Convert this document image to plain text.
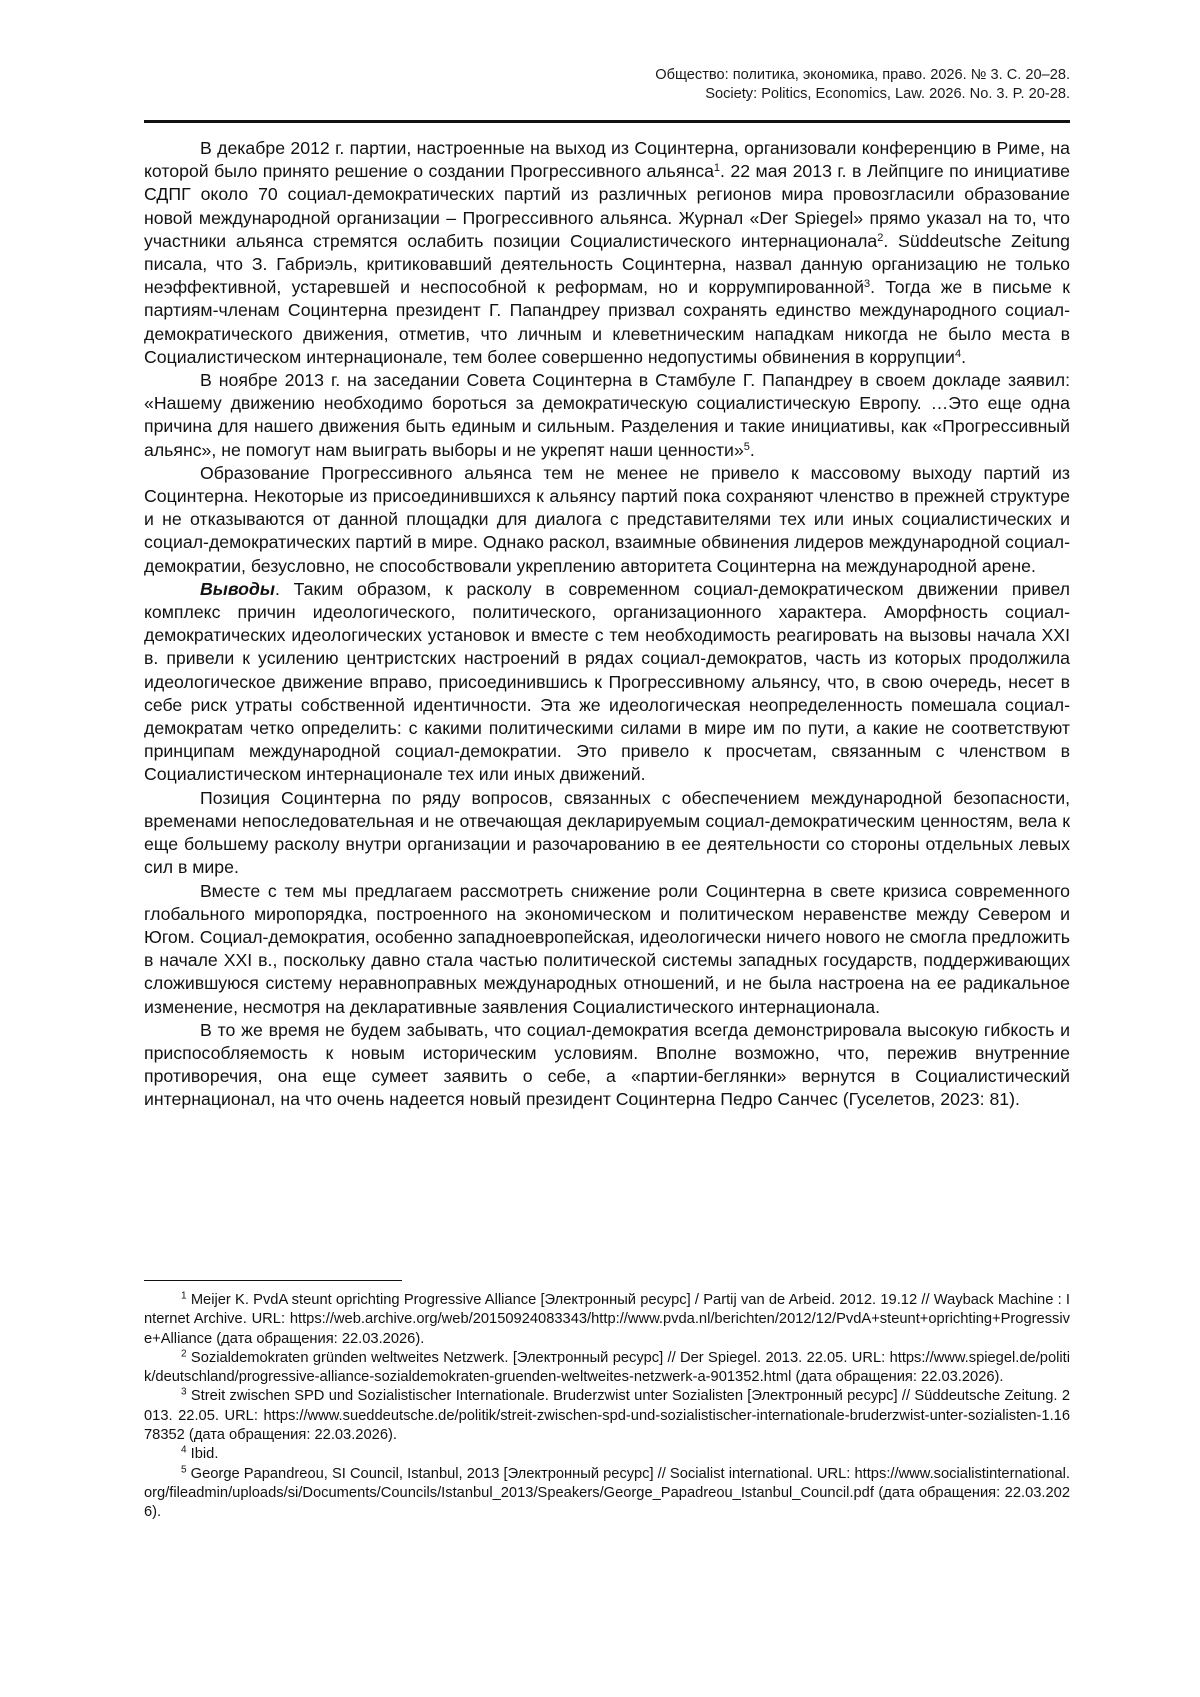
Общество: политика, экономика, право. 2026. № 3. С. 20–28.
Society: Politics, Economics, Law. 2026. No. 3. P. 20-28.

В декабре 2012 г. партии, настроенные на выход из Социнтерна, организовали конференцию в Риме, на которой было принято решение о создании Прогрессивного альянса$^1$. 22 мая 2013 г. в Лейпциге по инициативе СДПГ около 70 социал-демократических партий из различных регионов мира провозгласили образование новой международной организации – Прогрессивного альянса. Журнал «Der Spiegel» прямо указал на то, что участники альянса стремятся ослабить позиции Социалистического интернационала$^2$. Süddeutsche Zeitung писала, что З. Габриэль, критиковавший деятельность Социнтерна, назвал данную организацию не только неэффективной, устаревшей и неспособной к реформам, но и коррумпированной$^3$. Тогда же в письме к партиям-членам Социнтерна президент Г. Папандреу призвал сохранять единство международного социал-демократического движения, отметив, что личным и клеветническим нападкам никогда не было места в Социалистическом интернационале, тем более совершенно недопустимы обвинения в коррупции$^4$.

В ноябре 2013 г. на заседании Совета Социнтерна в Стамбуле Г. Папандреу в своем докладе заявил: «Нашему движению необходимо бороться за демократическую социалистическую Европу. …Это еще одна причина для нашего движения быть единым и сильным. Разделения и такие инициативы, как «Прогрессивный альянс», не помогут нам выиграть выборы и не укрепят наши ценности»$^5$.

Образование Прогрессивного альянса тем не менее не привело к массовому выходу партий из Социнтерна. Некоторые из присоединившихся к альянсу партий пока сохраняют членство в прежней структуре и не отказываются от данной площадки для диалога с представителями тех или иных социалистических и социал-демократических партий в мире. Однако раскол, взаимные обвинения лидеров международной социал-демократии, безусловно, не способствовали укреплению авторитета Социнтерна на международной арене.

Выводы. Таким образом, к расколу в современном социал-демократическом движении привел комплекс причин идеологического, политического, организационного характера. Аморфность социал-демократических идеологических установок и вместе с тем необходимость реагировать на вызовы начала XXI в. привели к усилению центристских настроений в рядах социал-демократов, часть из которых продолжила идеологическое движение вправо, присоединившись к Прогрессивному альянсу, что, в свою очередь, несет в себе риск утраты собственной идентичности. Эта же идеологическая неопределенность помешала социал-демократам четко определить: с какими политическими силами в мире им по пути, а какие не соответствуют принципам международной социал-демократии. Это привело к просчетам, связанным с членством в Социалистическом интернационале тех или иных движений.

Позиция Социнтерна по ряду вопросов, связанных с обеспечением международной безопасности, временами непоследовательная и не отвечающая декларируемым социал-демократическим ценностям, вела к еще большему расколу внутри организации и разочарованию в ее деятельности со стороны отдельных левых сил в мире.

Вместе с тем мы предлагаем рассмотреть снижение роли Социнтерна в свете кризиса современного глобального миропорядка, построенного на экономическом и политическом неравенстве между Севером и Югом. Социал-демократия, особенно западноевропейская, идеологически ничего нового не смогла предложить в начале XXI в., поскольку давно стала частью политической системы западных государств, поддерживающих сложившуюся систему неравноправных международных отношений, и не была настроена на ее радикальное изменение, несмотря на декларативные заявления Социалистического интернационала.

В то же время не будем забывать, что социал-демократия всегда демонстрировала высокую гибкость и приспособляемость к новым историческим условиям. Вполне возможно, что, пережив внутренние противоречия, она еще сумеет заявить о себе, а «партии-беглянки» вернутся в Социалистический интернационал, на что очень надеется новый президент Социнтерна Педро Санчес (Гуселетов, 2023: 81).

$^1$ Meijer K. PvdA steunt oprichting Progressive Alliance [Электронный ресурс] / Partij van de Arbeid. 2012. 19.12 // Wayback Machine : Internet Archive. URL: https://web.archive.org/web/20150924083343/http://www.pvda.nl/berichten/2012/12/PvdA+steunt+oprichting+Progressive+Alliance (дата обращения: 22.03.2026).

$^2$ Sozialdemokraten gründen weltweites Netzwerk. [Электронный ресурс] // Der Spiegel. 2013. 22.05. URL: https://www.spiegel.de/politik/deutschland/progressive-alliance-sozialdemokraten-gruenden-weltweites-netzwerk-a-901352.html (дата обращения: 22.03.2026).

$^3$ Streit zwischen SPD und Sozialistischer Internationale. Bruderzwist unter Sozialisten [Электронный ресурс] // Süddeutsche Zeitung. 2013. 22.05. URL: https://www.sueddeutsche.de/politik/streit-zwischen-spd-und-sozialistischer-internationale-bruderzwist-unter-sozialisten-1.1678352 (дата обращения: 22.03.2026).

$^4$ Ibid.

$^5$ George Papandreou, SI Council, Istanbul, 2013 [Электронный ресурс] // Socialist international. URL: https://www.socialistinternational.org/fileadmin/uploads/si/Documents/Councils/Istanbul_2013/Speakers/George_Papadreou_Istanbul_Council.pdf (дата обращения: 22.03.2026).
